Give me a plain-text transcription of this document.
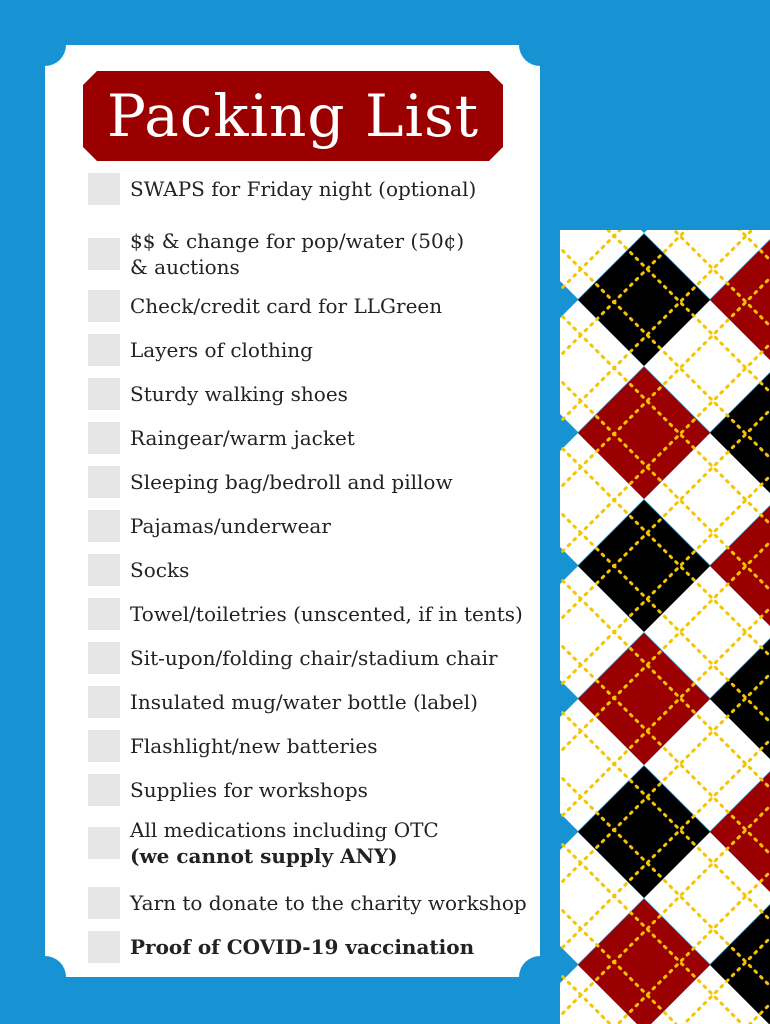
Packing List
SWAPS for Friday night (optional)
$$ & change for pop/water (50¢)
& auctions
Check/credit card for LLGreen
Layers of clothing
Sturdy walking shoes
Raingear/warm jacket
Sleeping bag/bedroll and pillow
Pajamas/underwear
Socks
Towel/toiletries (unscented, if in tents)
Sit-upon/folding chair/stadium chair
Insulated mug/water bottle (label)
Flashlight/new batteries
Supplies for workshops
All medications including OTC
(we cannot supply ANY)
Yarn to donate to the charity workshop
Proof of COVID-19 vaccination
